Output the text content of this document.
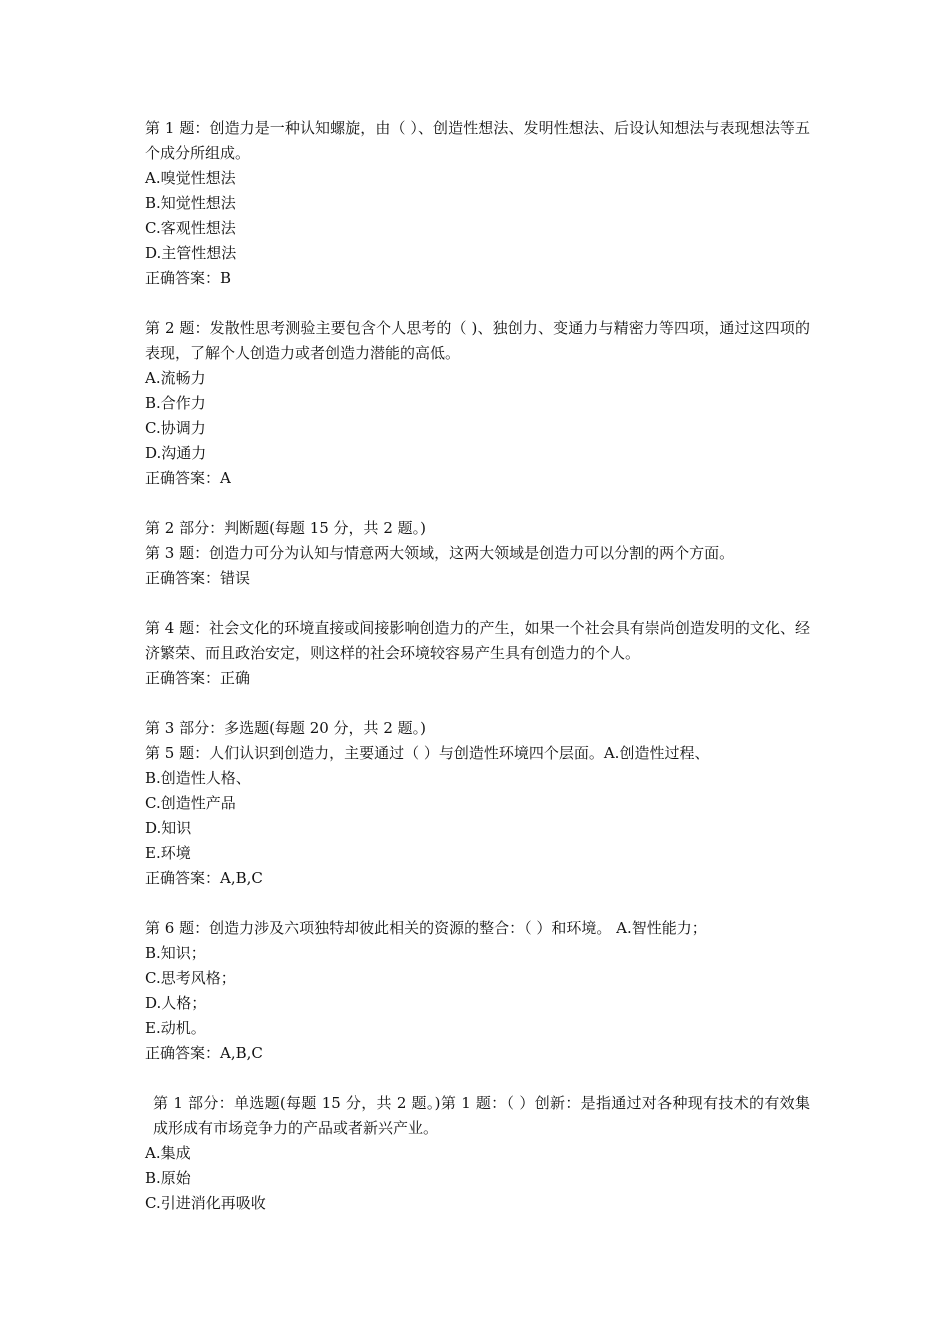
第 1 题：创造力是一种认知螺旋，由（ ）、创造性想法、发明性想法、后设认知想法与表现想法等五个成分所组成。
A.嗅觉性想法
B.知觉性想法
C.客观性想法
D.主管性想法
正确答案：B
第 2 题：发散性思考测验主要包含个人思考的（ )、独创力、变通力与精密力等四项，通过这四项的表现，了解个人创造力或者创造力潜能的高低。
A.流畅力
B.合作力
C.协调力
D.沟通力
正确答案：A
第 2 部分：判断题(每题 15 分，共 2 题。)
第 3 题：创造力可分为认知与情意两大领域，这两大领域是创造力可以分割的两个方面。
正确答案：错误
第 4 题：社会文化的环境直接或间接影响创造力的产生，如果一个社会具有崇尚创造发明的文化、经济繁荣、而且政治安定，则这样的社会环境较容易产生具有创造力的个人。
正确答案：正确
第 3 部分：多选题(每题 20 分，共 2 题。)
第 5 题：人们认识到创造力，主要通过（ ）与创造性环境四个层面。A.创造性过程、
B.创造性人格、
C.创造性产品
D.知识
E.环境
正确答案：A,B,C
第 6 题：创造力涉及六项独特却彼此相关的资源的整合：（ ）和环境。 A.智性能力；
B.知识；
C.思考风格；
D.人格；
E.动机。
正确答案：A,B,C
第 1 部分：单选题(每题 15 分，共 2 题。)第 1 题：（ ）创新：是指通过对各种现有技术的有效集成形成有市场竞争力的产品或者新兴产业。
A.集成
B.原始
C.引进消化再吸收
